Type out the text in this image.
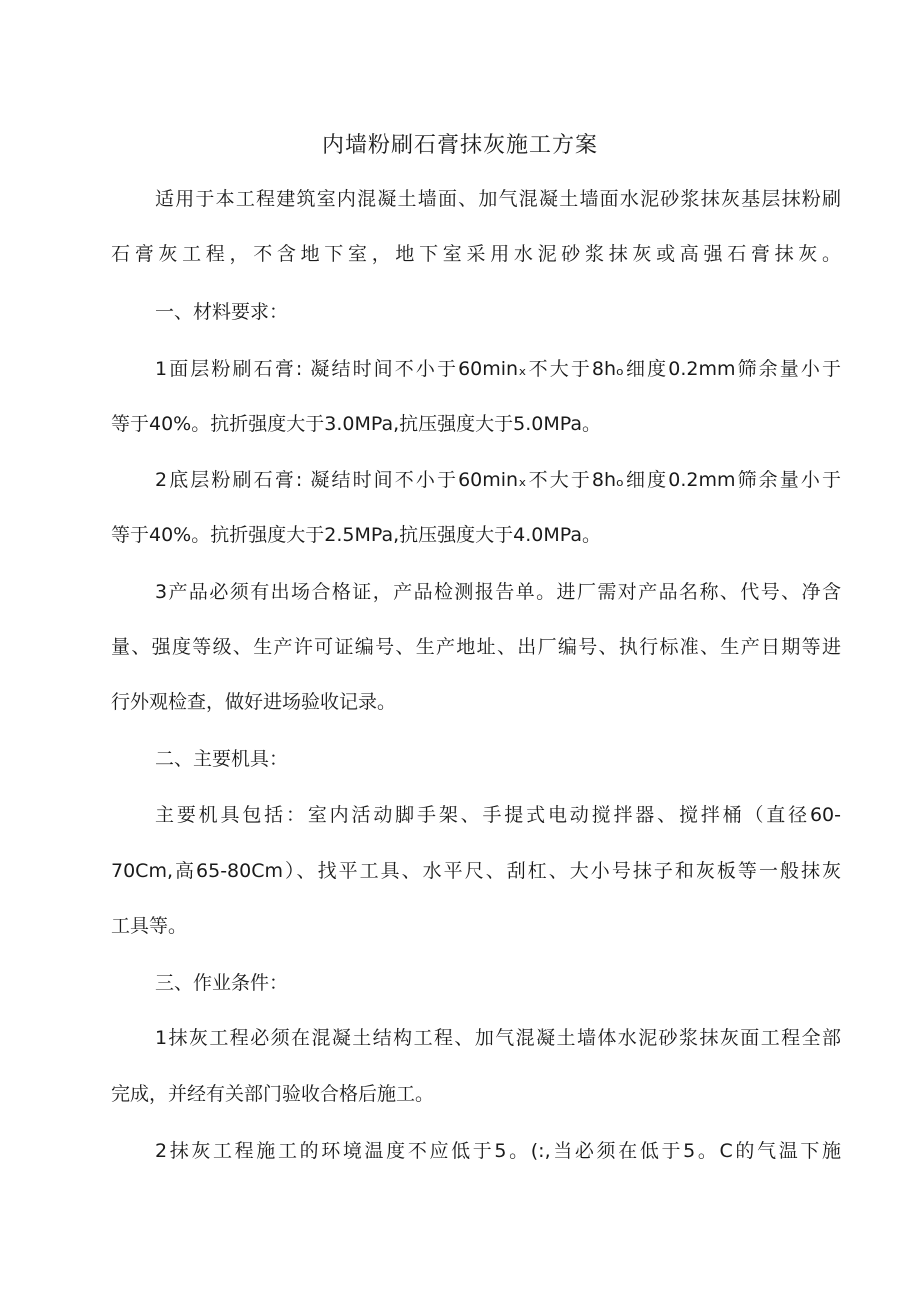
内墙粉刷石膏抹灰施工方案
适用于本工程建筑室内混凝土墙面、加气混凝土墙面水泥砂浆抹灰基层抹粉刷
石膏灰工程，不含地下室，地下室采用水泥砂浆抹灰或高强石膏抹灰。
一、材料要求：
1面层粉刷石膏: 凝结时间不小于60minₓ不大于8hₒ细度0.2mm筛余量小于
等于40%。抗折强度大于3.0MPa,抗压强度大于5.0MPa。
2底层粉刷石膏: 凝结时间不小于60minₓ不大于8hₒ细度0.2mm筛余量小于
等于40%。抗折强度大于2.5MPa,抗压强度大于4.0MPa。
3产品必须有出场合格证，产品检测报告单。进厂需对产品名称、代号、净含
量、强度等级、生产许可证编号、生产地址、出厂编号、执行标准、生产日期等进
行外观检查，做好进场验收记录。
二、主要机具：
主要机具包括：室内活动脚手架、手提式电动搅拌器、搅拌桶（直径60-
70Cm,高65-80Cm）、找平工具、水平尺、刮杠、大小号抹子和灰板等一般抹灰
工具等。
三、作业条件：
1抹灰工程必须在混凝土结构工程、加气混凝土墙体水泥砂浆抹灰面工程全部
完成，并经有关部门验收合格后施工。
2抹灰工程施工的环境温度不应低于5。(:,当必须在低于5。C的气温下施
